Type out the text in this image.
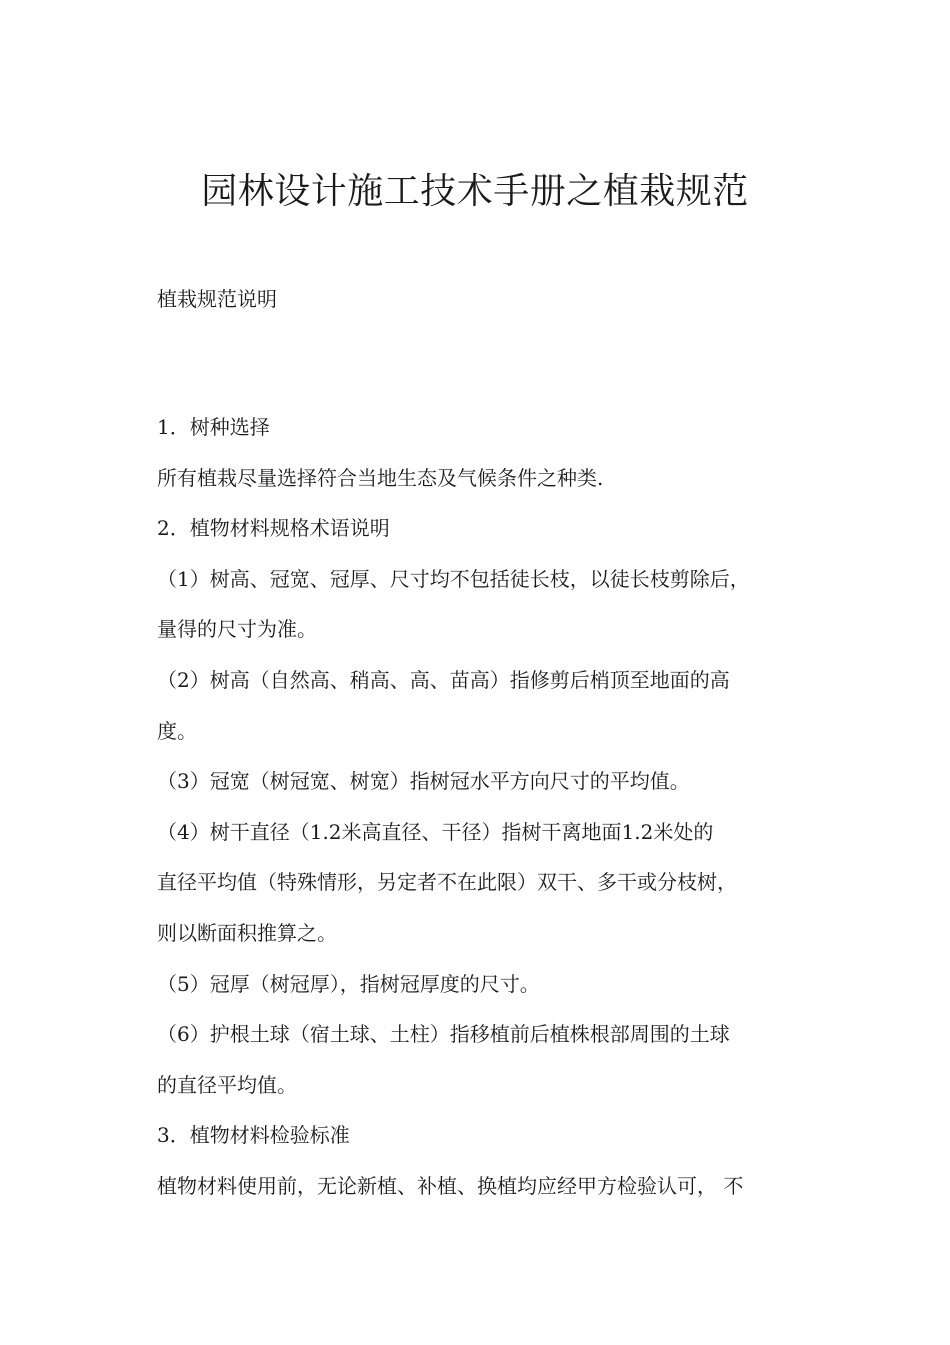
园林设计施工技术手册之植栽规范

植栽规范说明

1．树种选择
所有植栽尽量选择符合当地生态及气候条件之种类.
2．植物材料规格术语说明
（1）树高、冠宽、冠厚、尺寸均不包括徒长枝，以徒长枝剪除后，
量得的尺寸为准。
（2）树高（自然高、稍高、高、苗高）指修剪后梢顶至地面的高
度。
（3）冠宽（树冠宽、树宽）指树冠水平方向尺寸的平均值。
（4）树干直径（1.2米高直径、干径）指树干离地面1.2米处的
直径平均值（特殊情形，另定者不在此限）双干、多干或分枝树，
则以断面积推算之。
（5）冠厚（树冠厚），指树冠厚度的尺寸。
（6）护根土球（宿土球、土柱）指移植前后植株根部周围的土球
的直径平均值。
3．植物材料检验标准
植物材料使用前，无论新植、补植、换植均应经甲方检验认可， 不
